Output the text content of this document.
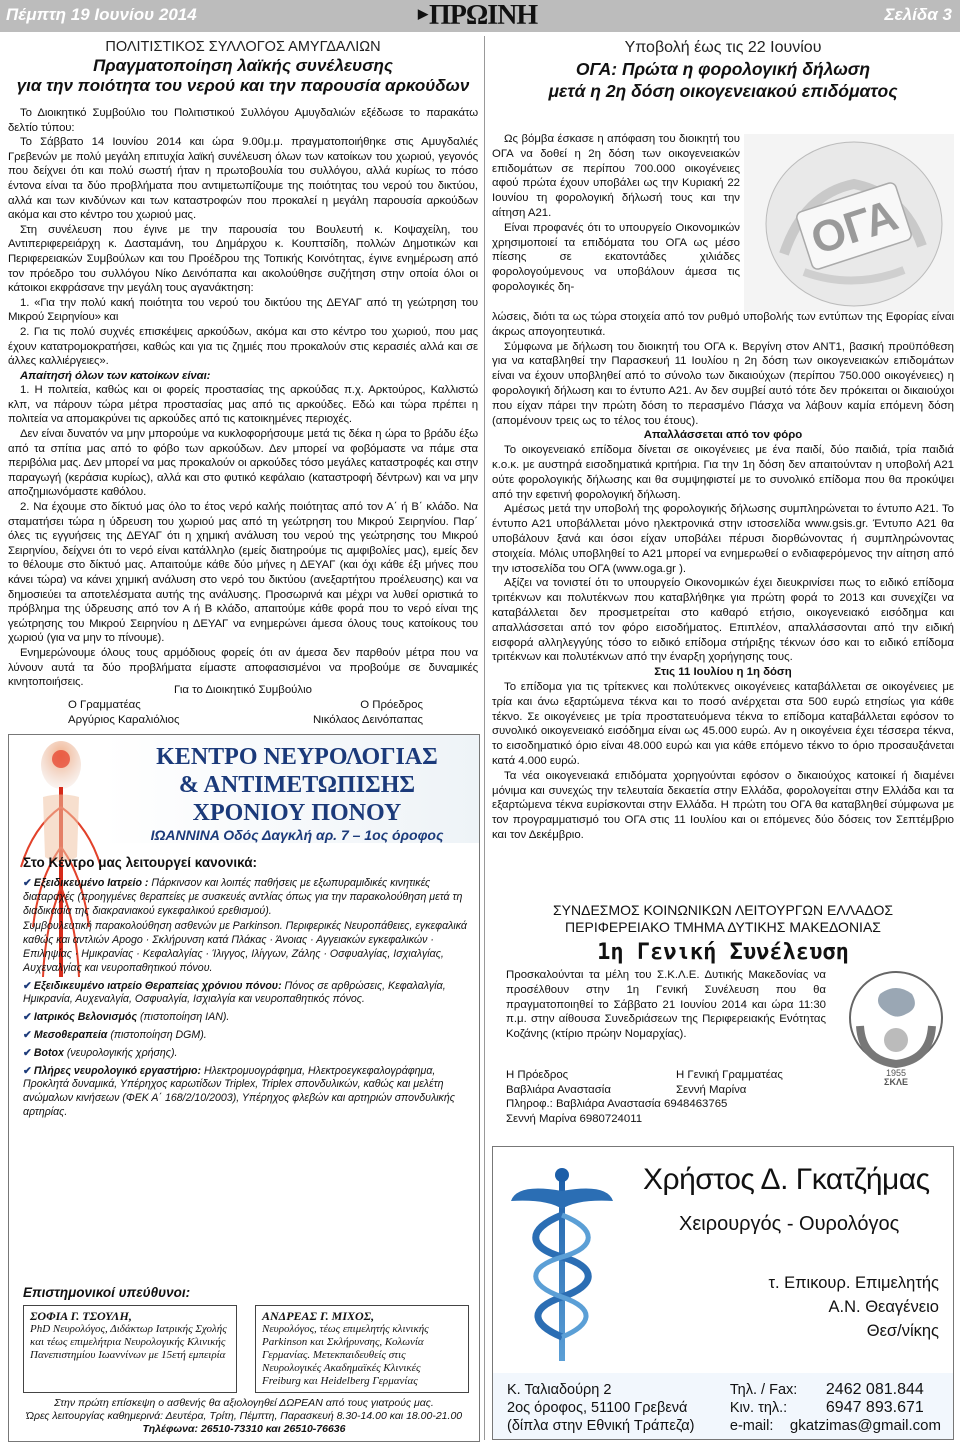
Πέμπτη 19 Ιουνίου 2014	▶ΠΡΩΙΝΗ	Σελίδα 3
ΠΟΛΙΤΙΣΤΙΚΟΣ ΣΥΛΛΟΓΟΣ ΑΜΥΓΔΑΛΙΩΝ
Πραγματοποίηση λαϊκής συνέλευσης
για την ποιότητα του νερού και την παρουσία αρκούδων

Το Διοικητικό Συμβούλιο του Πολιτιστικού Συλλόγου Αμυγδαλιών εξέδωσε το παρακάτω δελτίο τύπου:

Το Σάββατο 14 Ιουνίου 2014 και ώρα 9.00μ.μ. πραγματοποιήθηκε στις Αμυγδαλιές Γρεβενών με πολύ μεγάλη επιτυχία λαϊκή συνέλευση όλων των κατοίκων του χωριού, γεγονός που δείχνει ότι και πολύ σωστή ήταν η πρωτοβουλία του συλλόγου, αλλά κυρίως το πόσο έντονα είναι τα δύο προβλήματα που αντιμετωπίζουμε της ποιότητας του νερού του δικτύου, αλλά και των κινδύνων και των καταστροφών που προκαλεί η μεγάλη παρουσία αρκούδων ακόμα και στο κέντρο του χωριού μας.

Στη συνέλευση που έγινε με την παρουσία του Βουλευτή κ. Κοψαχείλη, του Αντιπεριφερειάρχη κ. Δασταμάνη, του Δημάρχου κ. Κουπτσίδη, πολλών Δημοτικών και Περιφερειακών Συμβούλων και του Προέδρου της Τοπικής Κοινότητας, έγινε ενημέρωση από τον πρόεδρο του συλλόγου Νίκο Δεινόπαπα και ακολούθησε συζήτηση στην οποία όλοι οι κάτοικοι εκφράσανε την μεγάλη τους αγανάκτηση:

1. «Για την πολύ κακή ποιότητα του νερού του δικτύου της ΔΕΥΑΓ από τη γεώτρηση του Μικρού Σειρηνίου» και

2. Για τις πολύ συχνές επισκέψεις αρκούδων, ακόμα και στο κέντρο του χωριού, που μας έχουν κατατρομοκρατήσει, καθώς και για τις ζημιές που προκαλούν στις κερασιές αλλά και σε άλλες καλλιέργειες».

Απαίτησή όλων των κατοίκων είναι:

1. Η πολιτεία, καθώς και οι φορείς προστασίας της αρκούδας π.χ. Αρκτούρος, Καλλιστώ κλπ, να πάρουν τώρα μέτρα προστασίας μας από τις αρκούδες. Εδώ και τώρα πρέπει η πολιτεία να απομακρύνει τις αρκούδες από τις κατοικημένες περιοχές.

Δεν είναι δυνατόν να μην μπορούμε να κυκλοφορήσουμε μετά τις δέκα η ώρα το βράδυ έξω από τα σπίτια μας από το φόβο των αρκούδων. Δεν μπορεί να φοβόμαστε να πάμε στα περιβόλια μας. Δεν μπορεί να μας προκαλούν οι αρκούδες τόσο μεγάλες καταστροφές και στην παραγωγή (κεράσια κυρίως), αλλά και στο φυτικό κεφάλαιο (καταστροφή δέντρων) και να μην αποζημιωνόμαστε καθόλου.

2. Να έχουμε στο δίκτυό μας όλο το έτος νερό καλής ποιότητας από τον Α΄ ή Β΄ κλάδο. Να σταματήσει τώρα η ύδρευση του χωριού μας από τη γεώτρηση του Μικρού Σειρηνίου. Παρ΄ όλες τις εγγυήσεις της ΔΕΥΑΓ ότι η χημική ανάλυση του νερού της γεώτρησης του Μικρού Σειρηνίου, δείχνει ότι το νερό είναι κατάλληλο (εμείς διατηρούμε τις αμφιβολίες μας), εμείς δεν το θέλουμε στο δίκτυό μας. Απαιτούμε κάθε δύο μήνες η ΔΕΥΑΓ (και όχι κάθε έξι μήνες που κάνει τώρα) να κάνει χημική ανάλυση στο νερό του δικτύου (ανεξαρτήτου προέλευσης) και να δημοσιεύει τα αποτελέσματα αυτής της ανάλυσης. Προσωρινά και μέχρι να λυθεί οριστικά το πρόβλημα της ύδρευσης από τον Α ή Β κλάδο, απαιτούμε κάθε φορά που το νερό είναι της γεώτρησης του Μικρού Σειρηνίου η ΔΕΥΑΓ να ενημερώνει άμεσα όλους τους κατοίκους του χωριού (για να μην το πίνουμε).

Ενημερώνουμε όλους τους αρμόδιους φορείς ότι αν άμεσα δεν παρθούν μέτρα που να λύνουν αυτά τα δύο προβλήματα είμαστε αποφασισμένοι να προβούμε σε δυναμικές κινητοποιήσεις.

Για το Διοικητικό Συμβούλιο
Ο Γραμματέας	Ο Πρόεδρος
Αργύριος Καραλιόλιος	Νικόλαος Δεινόπαπας
ΚΕΝΤΡΟ ΝΕΥΡΟΛΟΓΙΑΣ
& ΑΝΤΙΜΕΤΩΠΙΣΗΣ
ΧΡΟΝΙΟΥ ΠΟΝΟΥ
ΙΩΑΝΝΙΝΑ Οδός Δαγκλή αρ. 7 – 1ος όροφος
Στο Κέντρο μας λειτουργεί κανονικά:
✔ Εξειδικευμένο Ιατρείο : Πάρκινσον και λοιπές παθήσεις με εξωπυραμιδικές κινητικές διαταραχές (προηγμένες θεραπείες με συσκευές αντλίας όπως για την παρακολούθηση μετά τη διαδικασία της διακρανιακού εγκεφαλικού ερεθισμού).
Συμβουλευτική παρακολούθηση ασθενών με Parkinson. Περιφερικές Νευροπάθειες, εγκεφαλικά καθώς και αντλιών Apogo · Σκλήρυνση κατά Πλάκας · Άνοιας · Αγγειακών εγκεφαλικών · Επιληψίας · Ημικρανίας · Κεφαλαλγίας · Ίλιγγος, Ιλίγγων, Ζάλης · Οσφυαλγίας, Ισχιαλγίας, Αυχεναλγίας και νευροπαθητικού πόνου.
✔ Εξειδικευμένο ιατρείο Θεραπείας χρόνιου πόνου: Πόνος σε αρθρώσεις, Κεφαλαλγία, Ημικρανία, Αυχεναλγία, Οσφυαλγία, Ισχιαλγία και νευροπαθητικός πόνος.
✔ Ιατρικός Βελονισμός (πιστοποίηση IAN).
✔ Μεσοθεραπεία (πιστοποίηση DGM).
✔ Botox (νευρολογικής χρήσης).
✔ Πλήρες νευρολογικό εργαστήριο: Ηλεκτρομυογράφημα, Ηλεκτροεγκεφαλογράφημα, Προκλητά δυναμικά, Υπέρηχος καρωτίδων Triplex, Triplex σπονδυλικών, καθώς και μελέτη ανώμαλων κινήσεων (ΦΕΚ Α΄ 168/2/10/2003), Υπέρηχος φλεβών και αρτηριών σπονδυλικής αρτηρίας.
Επιστημονικοί υπεύθυνοι:
ΣΟΦΙΑ Γ. ΤΣΟΥΛΗ,
PhD Νευρολόγος, Διδάκτωρ Ιατρικής Σχολής και τέως επιμελήτρια Νευρολογικής Κλινικής Πανεπιστημίου Ιωαννίνων με 15ετή εμπειρία
ΑΝΔΡΕΑΣ Γ. ΜΙΧΟΣ,
Νευρολόγος, τέως επιμελητής κλινικής Parkinson και Σκλήρυνσης, Κολωνία Γερμανίας. Μετεκπαιδευθείς στις Νευρολογικές Ακαδημαϊκές Κλινικές Freiburg και Heidelberg Γερμανίας
Στην πρώτη επίσκεψη ο ασθενής θα αξιολογηθεί ΔΩΡΕΑΝ από τους γιατρούς μας.
Ώρες λειτουργίας καθημερινά: Δευτέρα, Τρίτη, Πέμπτη, Παρασκευή 8.30-14.00 και 18.00-21.00
Τηλέφωνα: 26510-73310 και 26510-76636
Υποβολή έως τις 22 Ιουνίου
ΟΓΑ: Πρώτα η φορολογική δήλωση
μετά η 2η δόση οικογενειακού επιδόματος

Ως βόμβα έσκασε η απόφαση του διοικητή του ΟΓΑ να δοθεί η 2η δόση των οικογενειακών επιδομάτων σε περίπου 700.000 οικογένειες αφού πρώτα έχουν υποβάλει ως την Κυριακή 22 Ιουνίου τη φορολογική δήλωσή τους και την αίτηση Α21.

Είναι προφανές ότι το υπουργείο Οικονομικών χρησιμοποιεί τα επιδόματα του ΟΓΑ ως μέσο πίεσης σε εκατοντάδες χιλιάδες φορολογούμενους να υποβάλουν άμεσα τις φορολογικές δη-

ΟΓΑ

λώσεις, διότι τα ως τώρα στοιχεία από τον ρυθμό υποβολής των εντύπων της Εφορίας είναι άκρως απογοητευτικά.

Σύμφωνα με δήλωση του διοικητή του ΟΓΑ κ. Βεργίνη στον ΑΝΤ1, βασική προϋπόθεση για να καταβληθεί την Παρασκευή 11 Ιουλίου η 2η δόση των οικογενειακών επιδομάτων είναι να έχουν υποβληθεί από το σύνολο των δικαιούχων (περίπου 750.000 οικογένειες) η φορολογική δήλωση και το έντυπο Α21. Αν δεν συμβεί αυτό τότε δεν πρόκειται οι δικαιούχοι που είχαν πάρει την πρώτη δόση το περασμένο Πάσχα να λάβουν καμία επόμενη δόση (απομένουν τρεις ως το τέλος του έτους).

Απαλλάσσεται από τον φόρο

Το οικογενειακό επίδομα δίνεται σε οικογένειες με ένα παιδί, δύο παιδιά, τρία παιδιά κ.ο.κ. με αυστηρά εισοδηματικά κριτήρια. Για την 1η δόση δεν απαιτούνταν η υποβολή Α21 ούτε φορολογικής δήλωσης και θα συμψηφιστεί με το συνολικό επίδομα που θα προκύψει από την εφετινή φορολογική δήλωση.

Αμέσως μετά την υποβολή της φορολογικής δήλωσης συμπληρώνεται το έντυπο Α21. Το έντυπο Α21 υποβάλλεται μόνο ηλεκτρονικά στην ιστοσελίδα www.gsis.gr. Έντυπο Α21 θα υποβάλουν ξανά και όσοι είχαν υποβάλει πέρυσι διορθώνοντας ή συμπληρώνοντας στοιχεία. Μόλις υποβληθεί το Α21 μπορεί να ενημερωθεί ο ενδιαφερόμενος την αίτηση από την ιστοσελίδα του ΟΓΑ (www.oga.gr ).

Αξίζει να τονιστεί ότι το υπουργείο Οικονομικών έχει διευκρινίσει πως το ειδικό επίδομα τριτέκνων και πολυτέκνων που καταβλήθηκε για πρώτη φορά το 2013 και συνεχίζει να καταβάλλεται δεν προσμετρείται στο καθαρό ετήσιο, οικογενειακό εισόδημα και απαλλάσσεται από τον φόρο εισοδήματος. Επιπλέον, απαλλάσσονται από την ειδική εισφορά αλληλεγγύης τόσο το ειδικό επίδομα στήριξης τέκνων όσο και το ειδικό επίδομα τριτέκνων και πολυτέκνων από την έναρξη χορήγησης τους.

Στις 11 Ιουλίου η 1η δόση

Το επίδομα για τις τρίτεκνες και πολύτεκνες οικογένειες καταβάλλεται σε οικογένειες με τρία και άνω εξαρτώμενα τέκνα και το ποσό ανέρχεται στα 500 ευρώ ετησίως για κάθε τέκνο. Σε οικογένειες με τρία προστατευόμενα τέκνα το επίδομα καταβάλλεται εφόσον το συνολικό οικογενειακό εισόδημα είναι ως 45.000 ευρώ. Αν η οικογένεια έχει τέσσερα τέκνα, το εισοδηματικό όριο είναι 48.000 ευρώ και για κάθε επόμενο τέκνο το όριο προσαυξάνεται κατά 4.000 ευρώ.

Τα νέα οικογενειακά επιδόματα χορηγούνται εφόσον ο δικαιούχος κατοικεί ή διαμένει μόνιμα και συνεχώς την τελευταία δεκαετία στην Ελλάδα, φορολογείται στην Ελλάδα και τα εξαρτώμενα τέκνα ευρίσκονται στην Ελλάδα. Η πρώτη του ΟΓΑ θα καταβληθεί σύμφωνα με τον προγραμματισμό του ΟΓΑ στις 11 Ιουλίου και οι επόμενες δύο δόσεις τον Σεπτέμβριο και τον Δεκέμβριο.

ΣΥΝΔΕΣΜΟΣ ΚΟΙΝΩΝΙΚΩΝ ΛΕΙΤΟΥΡΓΩΝ ΕΛΛΑΔΟΣ
ΠΕΡΙΦΕΡΕΙΑΚΟ ΤΜΗΜΑ ΔΥΤΙΚΗΣ ΜΑΚΕΔΟΝΙΑΣ
1η Γενική Συνέλευση
Προσκαλούνται τα μέλη του Σ.Κ.Λ.Ε. Δυτικής Μακεδονίας να προσέλθουν στην 1η Γενική Συνέλευση που θα πραγματοποιηθεί το Σάββατο 21 Ιουνίου 2014 και ώρα 11:30 π.μ. στην αίθουσα Συνεδριάσεων της Περιφερειακής Ενότητας Κοζάνης (κτίριο πρώην Νομαρχίας).
Η Πρόεδρος	Η Γενική Γραμματέας
Βαβλιάρα Αναστασία	Σεννή Μαρίνα
Πληροφ.: Βαβλιάρα Αναστασία 6948463765
Σεννή Μαρίνα 6980724011
1955
ΣΚΛΕ
Χρήστος Δ. Γκατζήμας
Χειρουργός - Ουρολόγος
τ. Επικουρ. Επιμελητής
Α.Ν. Θεαγένειο
Θεσ/νίκης
Κ. Ταλιαδούρη 2
2ος όροφος, 51100 Γρεβενά
(δίπλα στην Εθνική Τράπεζα)
Τηλ. / Fax: 2462 081.844
Κιν. τηλ.: 6947 893.671
e-mail: gkatzimas@gmail.com
